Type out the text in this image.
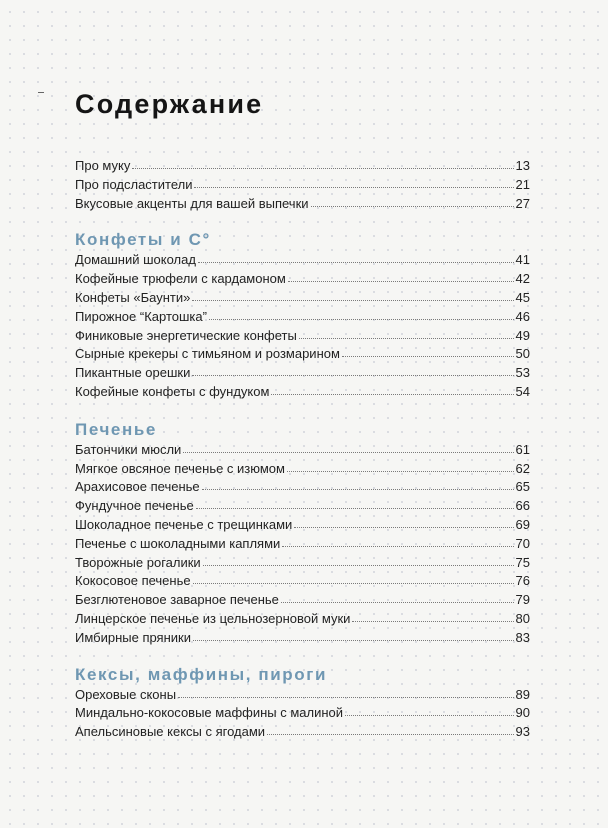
Содержание
Про муку	13
Про подсластители	21
Вкусовые акценты для вашей выпечки	27
Конфеты и С°
Домашний шоколад	41
Кофейные трюфели с кардамоном	42
Конфеты «Баунти»	45
Пирожное “Картошка”	46
Финиковые энергетические конфеты	49
Сырные крекеры с тимьяном и розмарином	50
Пикантные орешки	53
Кофейные конфеты с фундуком	54
Печенье
Батончики мюсли	61
Мягкое овсяное печенье с изюмом	62
Арахисовое печенье	65
Фундучное печенье	66
Шоколадное печенье с трещинками	69
Печенье с шоколадными каплями	70
Творожные рогалики	75
Кокосовое печенье	76
Безглютеновое заварное печенье	79
Линцерское печенье из цельнозерновой муки	80
Имбирные пряники	83
Кексы, маффины, пироги
Ореховые сконы	89
Миндально-кокосовые маффины с малиной	90
Апельсиновые кексы с ягодами	93
